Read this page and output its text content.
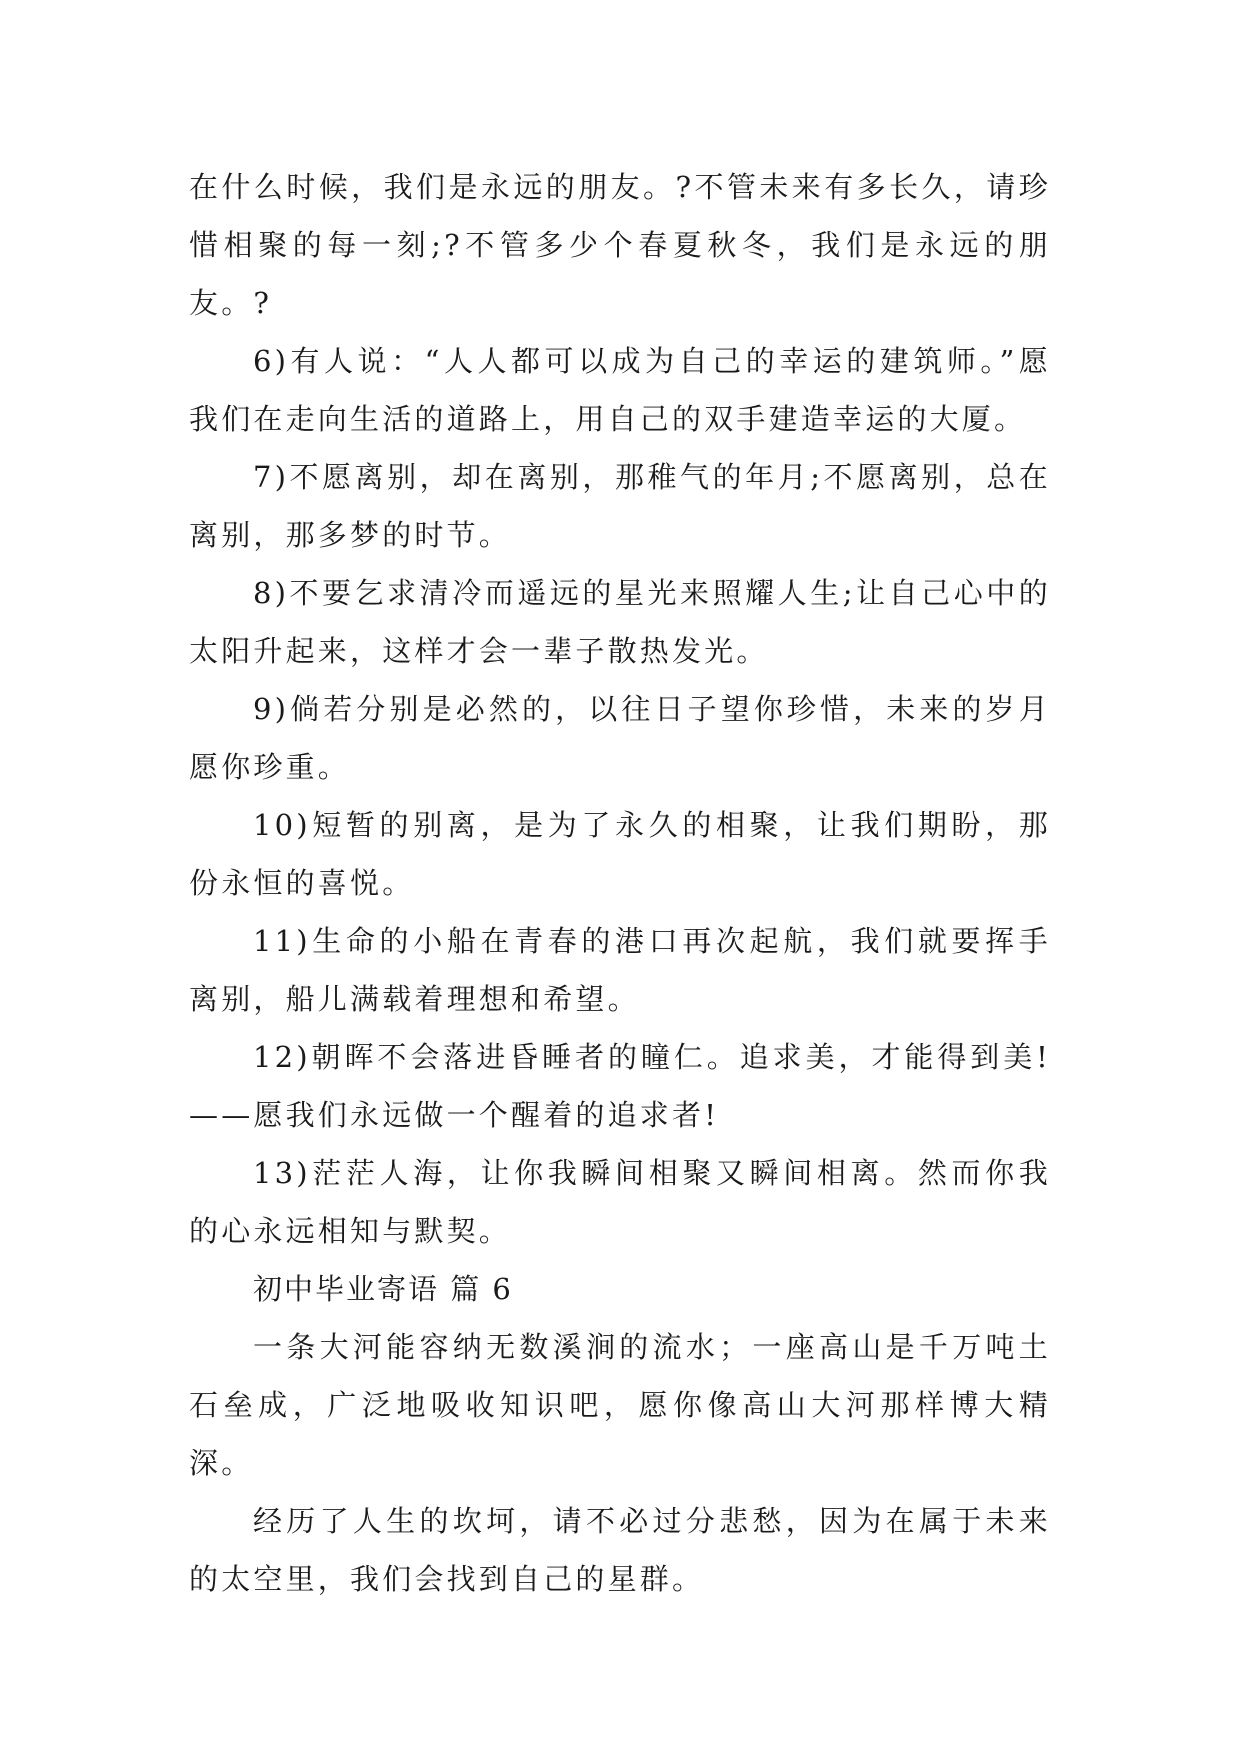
在什么时候，我们是永远的朋友。?不管未来有多长久，请珍惜相聚的每一刻;?不管多少个春夏秋冬，我们是永远的朋友。?

6)有人说：“人人都可以成为自己的幸运的建筑师。”愿我们在走向生活的道路上，用自己的双手建造幸运的大厦。

7)不愿离别，却在离别，那稚气的年月;不愿离别，总在离别，那多梦的时节。

8)不要乞求清冷而遥远的星光来照耀人生;让自己心中的太阳升起来，这样才会一辈子散热发光。

9)倘若分别是必然的，以往日子望你珍惜，未来的岁月愿你珍重。

10)短暂的别离，是为了永久的相聚，让我们期盼，那份永恒的喜悦。

11)生命的小船在青春的港口再次起航，我们就要挥手离别，船儿满载着理想和希望。

12)朝晖不会落进昏睡者的瞳仁。追求美，才能得到美!——愿我们永远做一个醒着的追求者!

13)茫茫人海，让你我瞬间相聚又瞬间相离。然而你我的心永远相知与默契。

初中毕业寄语 篇 6

一条大河能容纳无数溪涧的流水；一座高山是千万吨土石垒成，广泛地吸收知识吧，愿你像高山大河那样博大精深。

经历了人生的坎坷，请不必过分悲愁，因为在属于未来的太空里，我们会找到自己的星群。
